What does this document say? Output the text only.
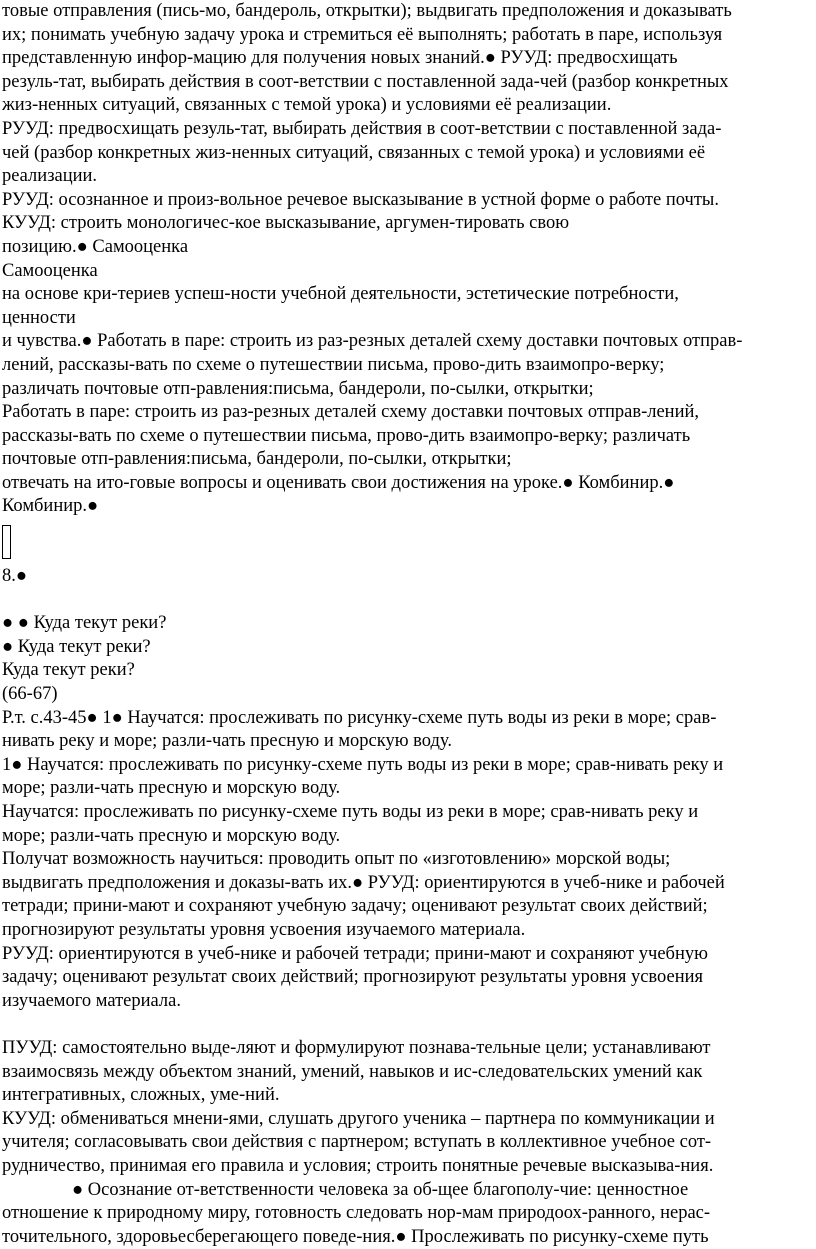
товые отправления (пись-мо, бандероль, открытки); выдвигать предположения и доказывать
их; понимать учебную задачу урока и стремиться её выполнять; работать в паре, используя
представленную инфор-мацию для получения новых знаний.● РУУД: предвосхищать
резуль-тат, выбирать действия в соот-ветствии с поставленной зада-чей (разбор конкретных
жиз-ненных ситуаций, связанных с темой урока) и условиями её реализации.
РУУД: предвосхищать резуль-тат, выбирать действия в соот-ветствии с поставленной зада-
чей (разбор конкретных жиз-ненных ситуаций, связанных с темой урока) и условиями её
реализации.
РУУД: осознанное и произ-вольное речевое высказывание в устной форме о работе почты.
КУУД: строить монологичес-кое высказывание, аргумен-тировать свою
позицию.● Самооценка
Самооценка
на основе кри-териев успеш-ности учебной деятельности, эстетические потребности,
ценности
и чувства.● Работать в паре: строить из раз-резных деталей схему доставки почтовых отправ-
лений, рассказы-вать по схеме о путешествии письма, прово-дить взаимопро-верку;
различать почтовые отп-равления:письма, бандероли, по-сылки, открытки;
Работать в паре: строить из раз-резных деталей схему доставки почтовых отправ-лений,
рассказы-вать по схеме о путешествии письма, прово-дить взаимопро-верку; различать
почтовые отп-равления:письма, бандероли, по-сылки, открытки;
отвечать на ито-говые вопросы и оценивать свои достижения на уроке.● Комбинир.●
Комбинир.●
8.●
● ● Куда текут реки?
● Куда текут реки?
Куда текут реки?
(66-67)
Р.т. с.43-45● 1● Научатся: прослеживать по рисунку-схеме путь воды из реки в море; срав-
нивать реку и море; разли-чать пресную и морскую воду.
1● Научатся: прослеживать по рисунку-схеме путь воды из реки в море; срав-нивать реку и
море; разли-чать пресную и морскую воду.
Научатся: прослеживать по рисунку-схеме путь воды из реки в море; срав-нивать реку и
море; разли-чать пресную и морскую воду.
Получат возможность научиться: проводить опыт по «изготовлению» морской воды;
выдвигать предположения и доказы-вать их.● РУУД: ориентируются в учеб-нике и рабочей
тетради; прини-мают и сохраняют учебную задачу; оценивают результат своих действий;
прогнозируют результаты уровня усвоения изучаемого материала.
РУУД: ориентируются в учеб-нике и рабочей тетради; прини-мают и сохраняют учебную
задачу; оценивают результат своих действий; прогнозируют результаты уровня усвоения
изучаемого материала.
ПУУД: самостоятельно выде-ляют и формулируют познава-тельные цели; устанавливают
взаимосвязь между объектом знаний, умений, навыков и ис-следовательских умений как
интегративных, сложных, уме-ний.
КУУД: обмениваться мнени-ями, слушать другого ученика – партнера по коммуникации и
учителя; согласовывать свои действия с партнером; вступать в коллективное учебное сот-
рудничество, принимая его правила и условия; строить понятные речевые высказыва-ния.
● Осознание от-ветственности человека за об-щее благополу-чие: ценностное
отношение к природному миру, готовность следовать нор-мам природоох-ранного, нерас-
точительного, здоровьесберегающего поведе-ния.● Прослеживать по рисунку-схеме путь
